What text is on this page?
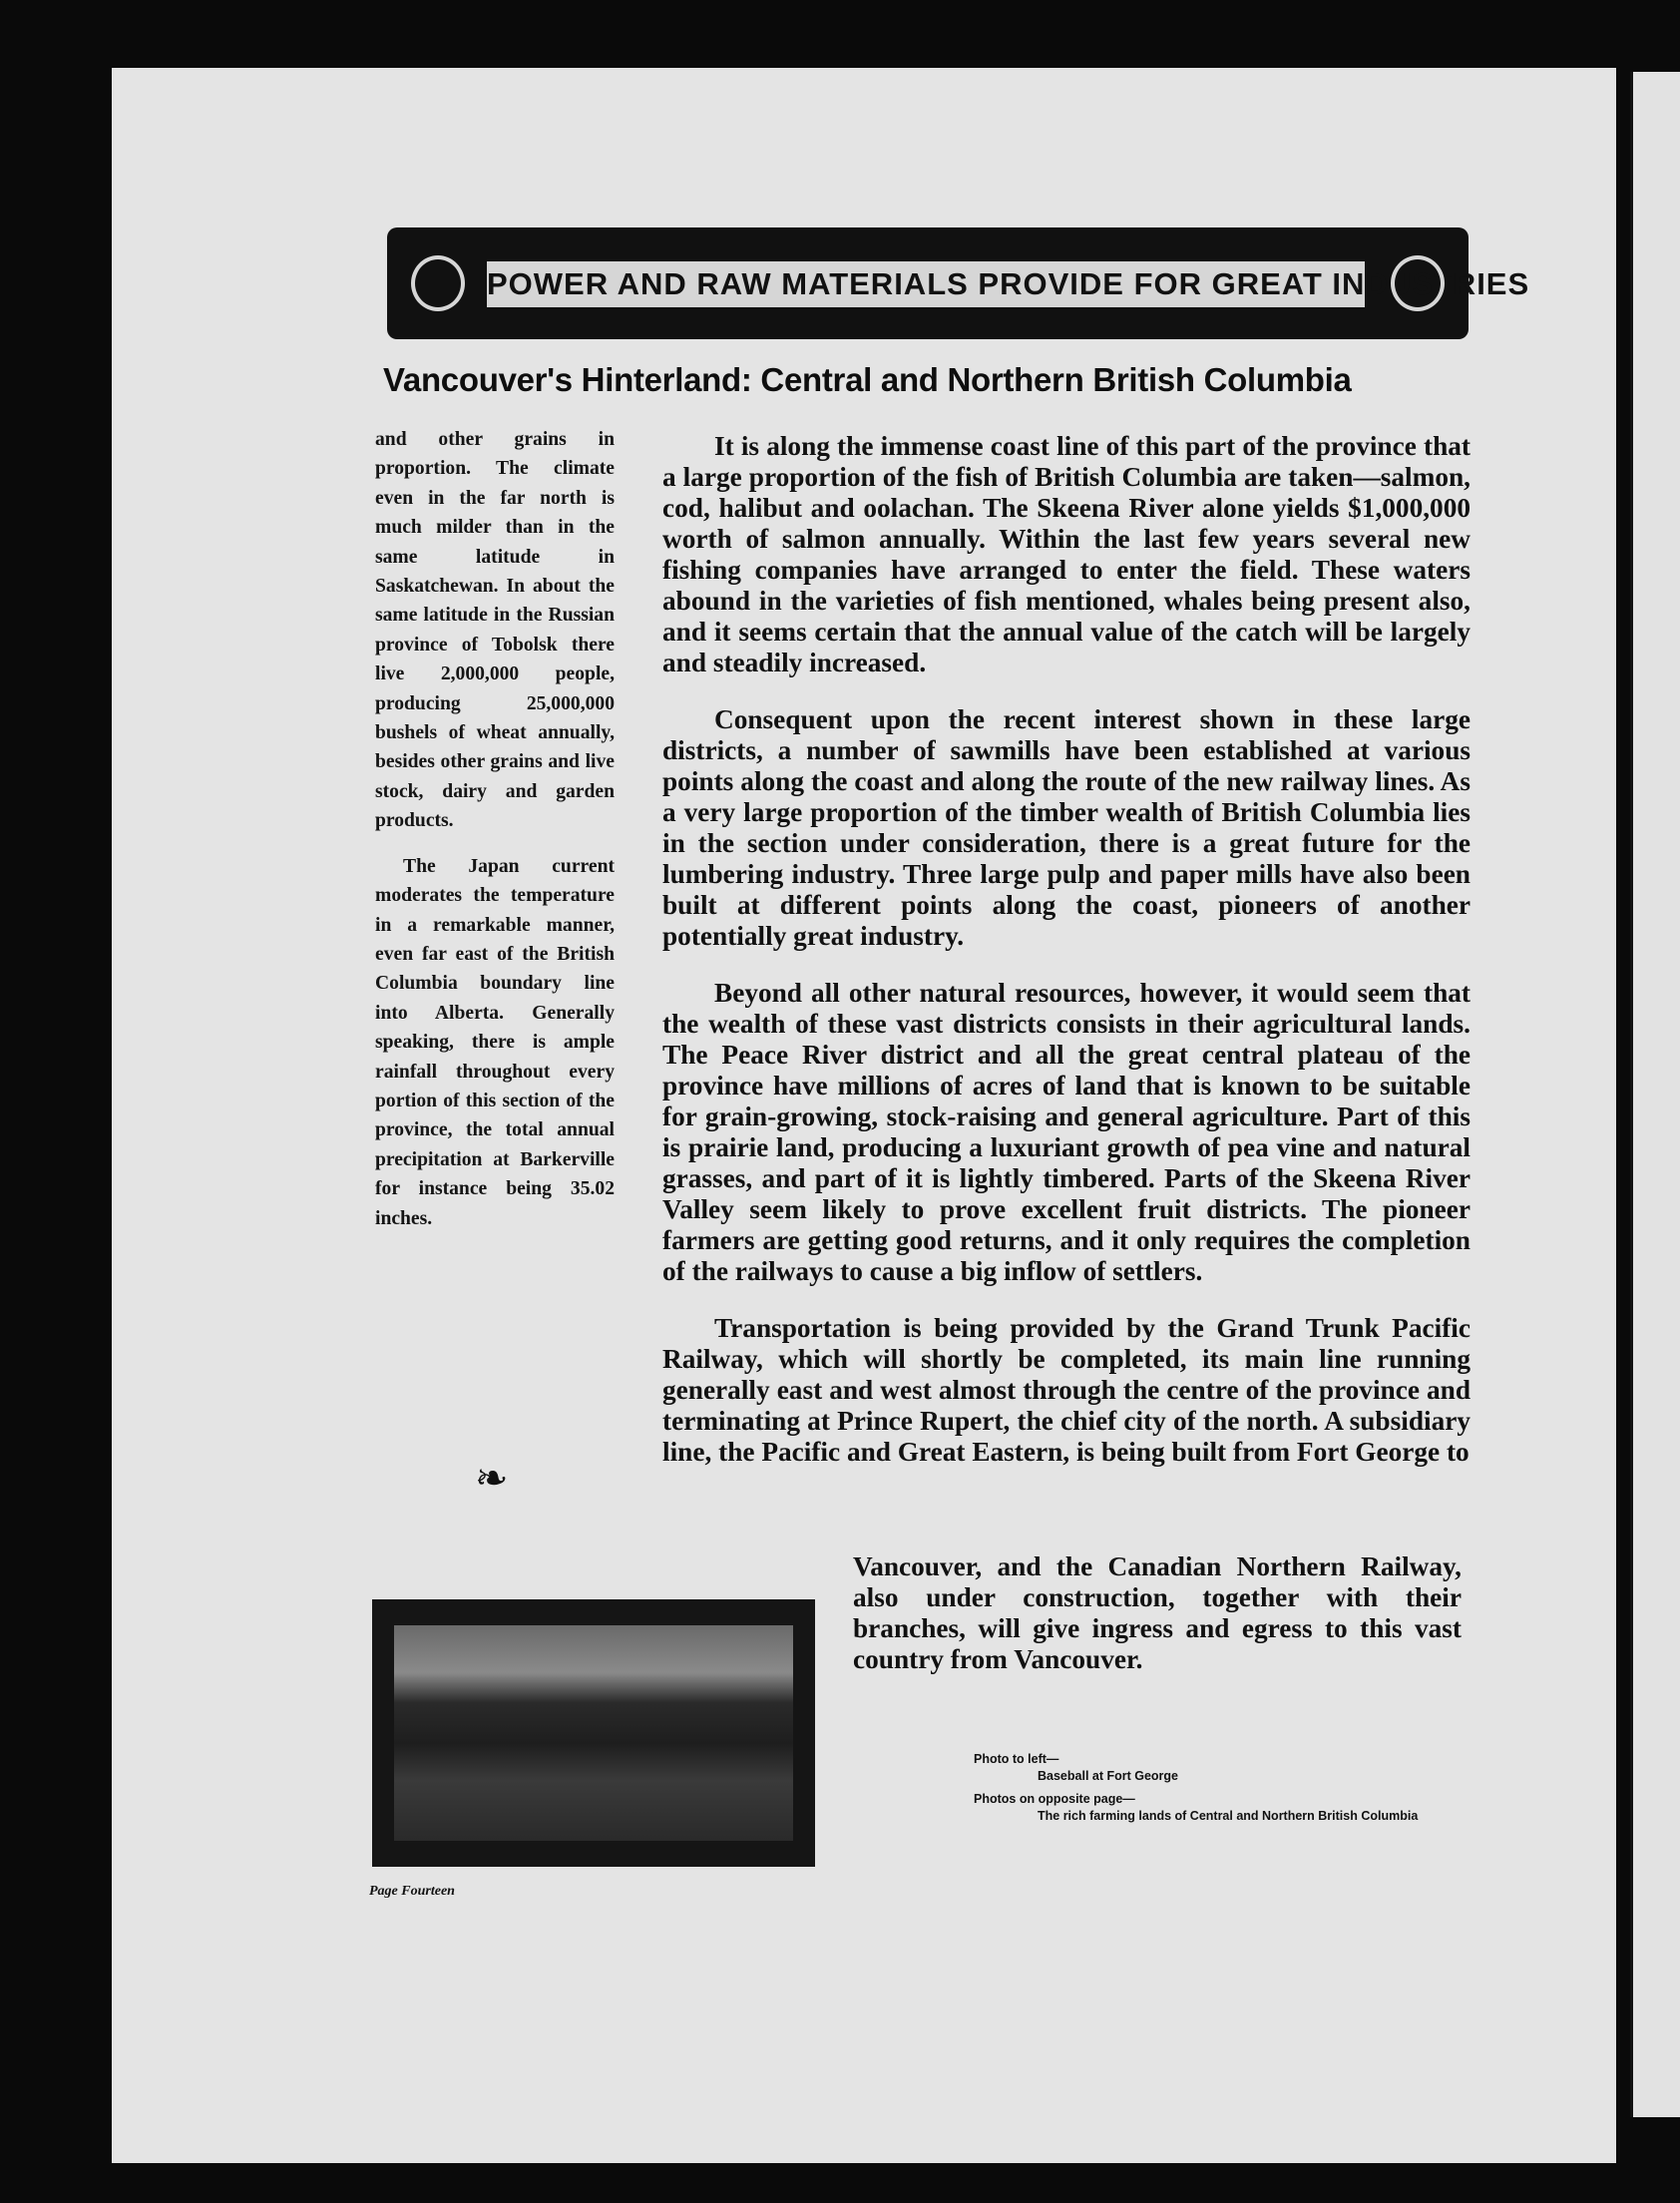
POWER AND RAW MATERIALS PROVIDE FOR GREAT INDUSTRIES
Vancouver's Hinterland: Central and Northern British Columbia

and other grains in proportion. The climate even in the far north is much milder than in the same latitude in Saskatchewan. In about the same latitude in the Russian province of Tobolsk there live 2,000,000 people, producing 25,000,000 bushels of wheat annually, besides other grains and live stock, dairy and garden products.

The Japan current moderates the temperature in a remarkable manner, even far east of the British Columbia boundary line into Alberta. Generally speaking, there is ample rainfall throughout every portion of this section of the province, the total annual precipitation at Barkerville for instance being 35.02 inches.

❧

It is along the immense coast line of this part of the province that a large proportion of the fish of British Columbia are taken—salmon, cod, halibut and oolachan. The Skeena River alone yields $1,000,000 worth of salmon annually. Within the last few years several new fishing companies have arranged to enter the field. These waters abound in the varieties of fish mentioned, whales being present also, and it seems certain that the annual value of the catch will be largely and steadily increased.

Consequent upon the recent interest shown in these large districts, a number of sawmills have been established at various points along the coast and along the route of the new railway lines. As a very large proportion of the timber wealth of British Columbia lies in the section under consideration, there is a great future for the lumbering industry. Three large pulp and paper mills have also been built at different points along the coast, pioneers of another potentially great industry.

Beyond all other natural resources, however, it would seem that the wealth of these vast districts consists in their agricultural lands. The Peace River district and all the great central plateau of the province have millions of acres of land that is known to be suitable for grain-growing, stock-raising and general agriculture. Part of this is prairie land, producing a luxuriant growth of pea vine and natural grasses, and part of it is lightly timbered. Parts of the Skeena River Valley seem likely to prove excellent fruit districts. The pioneer farmers are getting good returns, and it only requires the completion of the railways to cause a big inflow of settlers.

Transportation is being provided by the Grand Trunk Pacific Railway, which will shortly be completed, its main line running generally east and west almost through the centre of the province and terminating at Prince Rupert, the chief city of the north. A subsidiary line, the Pacific and Great Eastern, is being built from Fort George to

Vancouver, and the Canadian Northern Railway, also under construction, together with their branches, will give ingress and egress to this vast country from Vancouver.

Page Fourteen

Photo to left—

Baseball at Fort George

Photos on opposite page—

The rich farming lands of Central and Northern British Columbia
